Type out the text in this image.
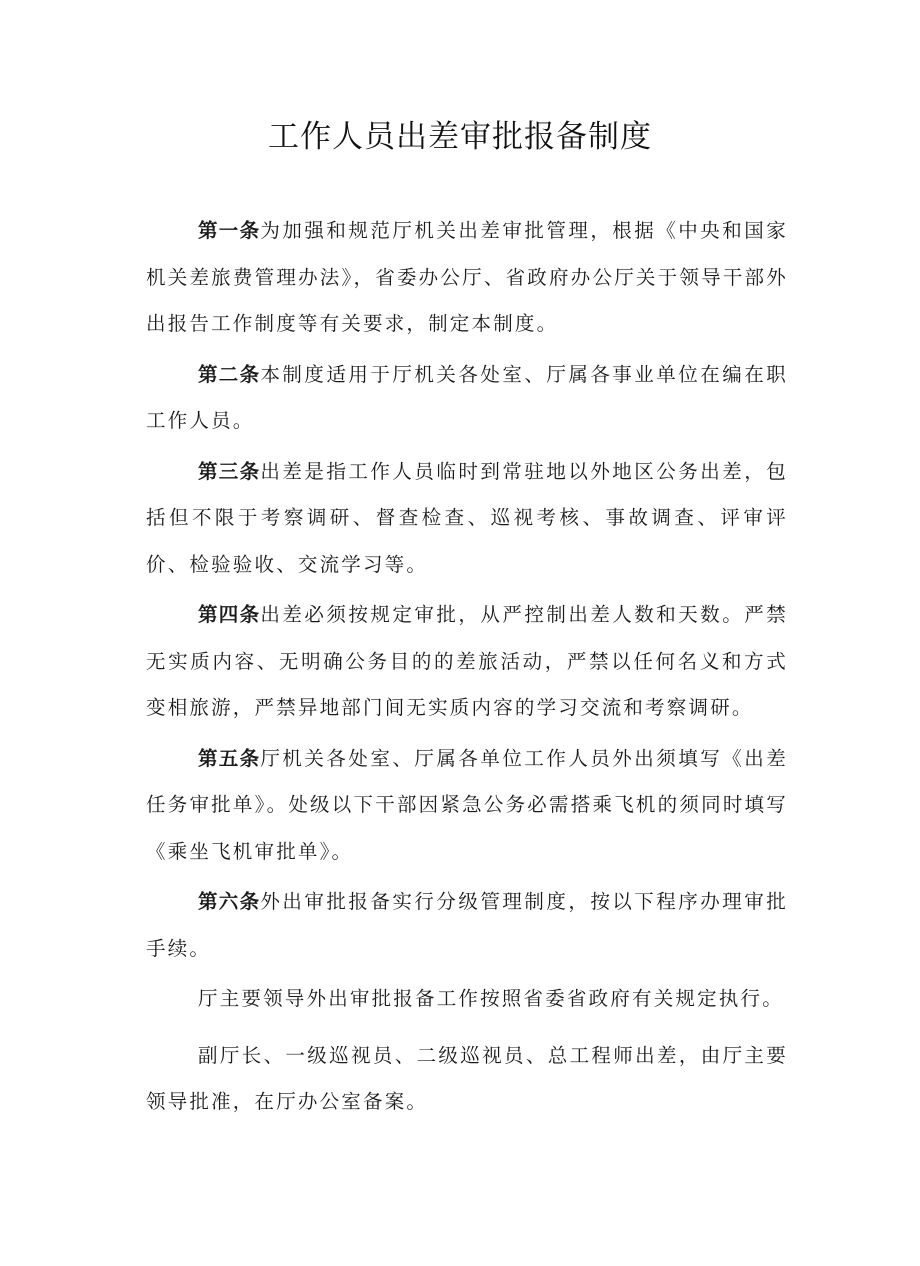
工作人员出差审批报备制度

第一条为加强和规范厅机关出差审批管理，根据《中央和国家机关差旅费管理办法》，省委办公厅、省政府办公厅关于领导干部外出报告工作制度等有关要求，制定本制度。

第二条本制度适用于厅机关各处室、厅属各事业单位在编在职工作人员。

第三条出差是指工作人员临时到常驻地以外地区公务出差，包括但不限于考察调研、督查检查、巡视考核、事故调查、评审评价、检验验收、交流学习等。

第四条出差必须按规定审批，从严控制出差人数和天数。严禁无实质内容、无明确公务目的的差旅活动，严禁以任何名义和方式变相旅游，严禁异地部门间无实质内容的学习交流和考察调研。

第五条厅机关各处室、厅属各单位工作人员外出须填写《出差任务审批单》。处级以下干部因紧急公务必需搭乘飞机的须同时填写《乘坐飞机审批单》。

第六条外出审批报备实行分级管理制度，按以下程序办理审批手续。

厅主要领导外出审批报备工作按照省委省政府有关规定执行。

副厅长、一级巡视员、二级巡视员、总工程师出差，由厅主要领导批准，在厅办公室备案。
